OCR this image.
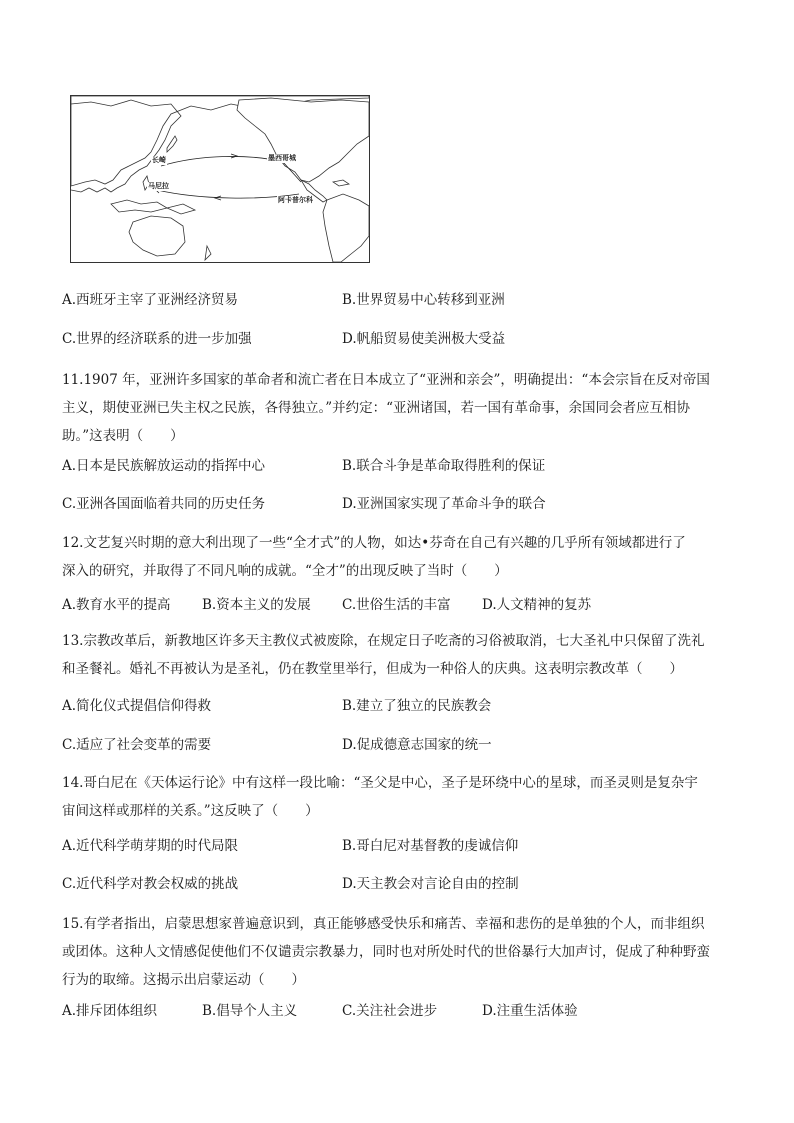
长崎	墨西哥城
马尼拉
阿卡普尔科
A.西班牙主宰了亚洲经济贸易	B.世界贸易中心转移到亚洲
C.世界的经济联系的进一步加强	D.帆船贸易使美洲极大受益
11.1907 年，亚洲许多国家的革命者和流亡者在日本成立了“亚洲和亲会”，明确提出：“本会宗旨在反对帝国
主义，期使亚洲已失主权之民族，各得独立。”并约定：“亚洲诸国，若一国有革命事，余国同会者应互相协
助。”这表明（　　）
A.日本是民族解放运动的指挥中心	B.联合斗争是革命取得胜利的保证
C.亚洲各国面临着共同的历史任务	D.亚洲国家实现了革命斗争的联合
12.文艺复兴时期的意大利出现了一些“全才式”的人物，如达•芬奇在自己有兴趣的几乎所有领域都进行了
深入的研究，并取得了不同凡响的成就。“全才”的出现反映了当时（　　）
A.教育水平的提高 B.资本主义的发展 C.世俗生活的丰富 D.人文精神的复苏
13.宗教改革后，新教地区许多天主教仪式被废除，在规定日子吃斋的习俗被取消，七大圣礼中只保留了洗礼
和圣餐礼。婚礼不再被认为是圣礼，仍在教堂里举行，但成为一种俗人的庆典。这表明宗教改革（　　）
A.简化仪式提倡信仰得救	B.建立了独立的民族教会
C.适应了社会变革的需要	D.促成德意志国家的统一
14.哥白尼在《天体运行论》中有这样一段比喻：“圣父是中心，圣子是环绕中心的星球，而圣灵则是复杂宇
宙间这样或那样的关系。”这反映了（　　）
A.近代科学萌芽期的时代局限	B.哥白尼对基督教的虔诚信仰
C.近代科学对教会权威的挑战	D.天主教会对言论自由的控制
15.有学者指出，启蒙思想家普遍意识到，真正能够感受快乐和痛苦、幸福和悲伤的是单独的个人，而非组织
或团体。这种人文情感促使他们不仅谴责宗教暴力，同时也对所处时代的世俗暴行大加声讨，促成了种种野蛮
行为的取缔。这揭示出启蒙运动（　　）
A.排斥团体组织	B.倡导个人主义	C.关注社会进步	D.注重生活体验
